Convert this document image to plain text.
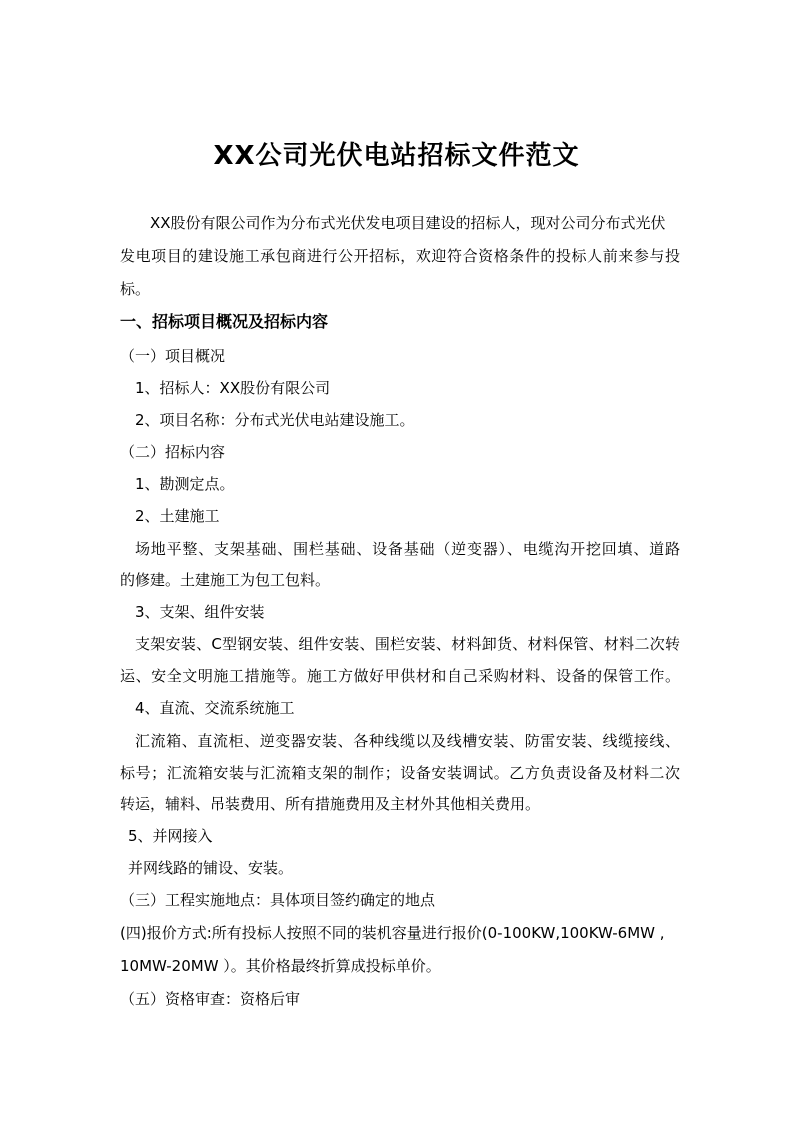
XX公司光伏电站招标文件范文
XX股份有限公司作为分布式光伏发电项目建设的招标人，现对公司分布式光伏
发电项目的建设施工承包商进行公开招标，欢迎符合资格条件的投标人前来参与投
标。
一、招标项目概况及招标内容
（一）项目概况
1、招标人：XX股份有限公司
2、项目名称：分布式光伏电站建设施工。
（二）招标内容
1、勘测定点。
2、土建施工
场地平整、支架基础、围栏基础、设备基础（逆变器）、电缆沟开挖回填、道路
的修建。土建施工为包工包料。
3、支架、组件安装
支架安装、C型钢安装、组件安装、围栏安装、材料卸货、材料保管、材料二次转
运、安全文明施工措施等。施工方做好甲供材和自己采购材料、设备的保管工作。
4、直流、交流系统施工
汇流箱、直流柜、逆变器安装、各种线缆以及线槽安装、防雷安装、线缆接线、
标号；汇流箱安装与汇流箱支架的制作；设备安装调试。乙方负责设备及材料二次
转运，辅料、吊装费用、所有措施费用及主材外其他相关费用。
5、并网接入
并网线路的铺设、安装。
（三）工程实施地点：具体项目签约确定的地点
(四)报价方式:所有投标人按照不同的装机容量进行报价(0-100KW,100KW-6MW ,
10MW-20MW ）。其价格最终折算成投标单价。
（五）资格审查：资格后审
